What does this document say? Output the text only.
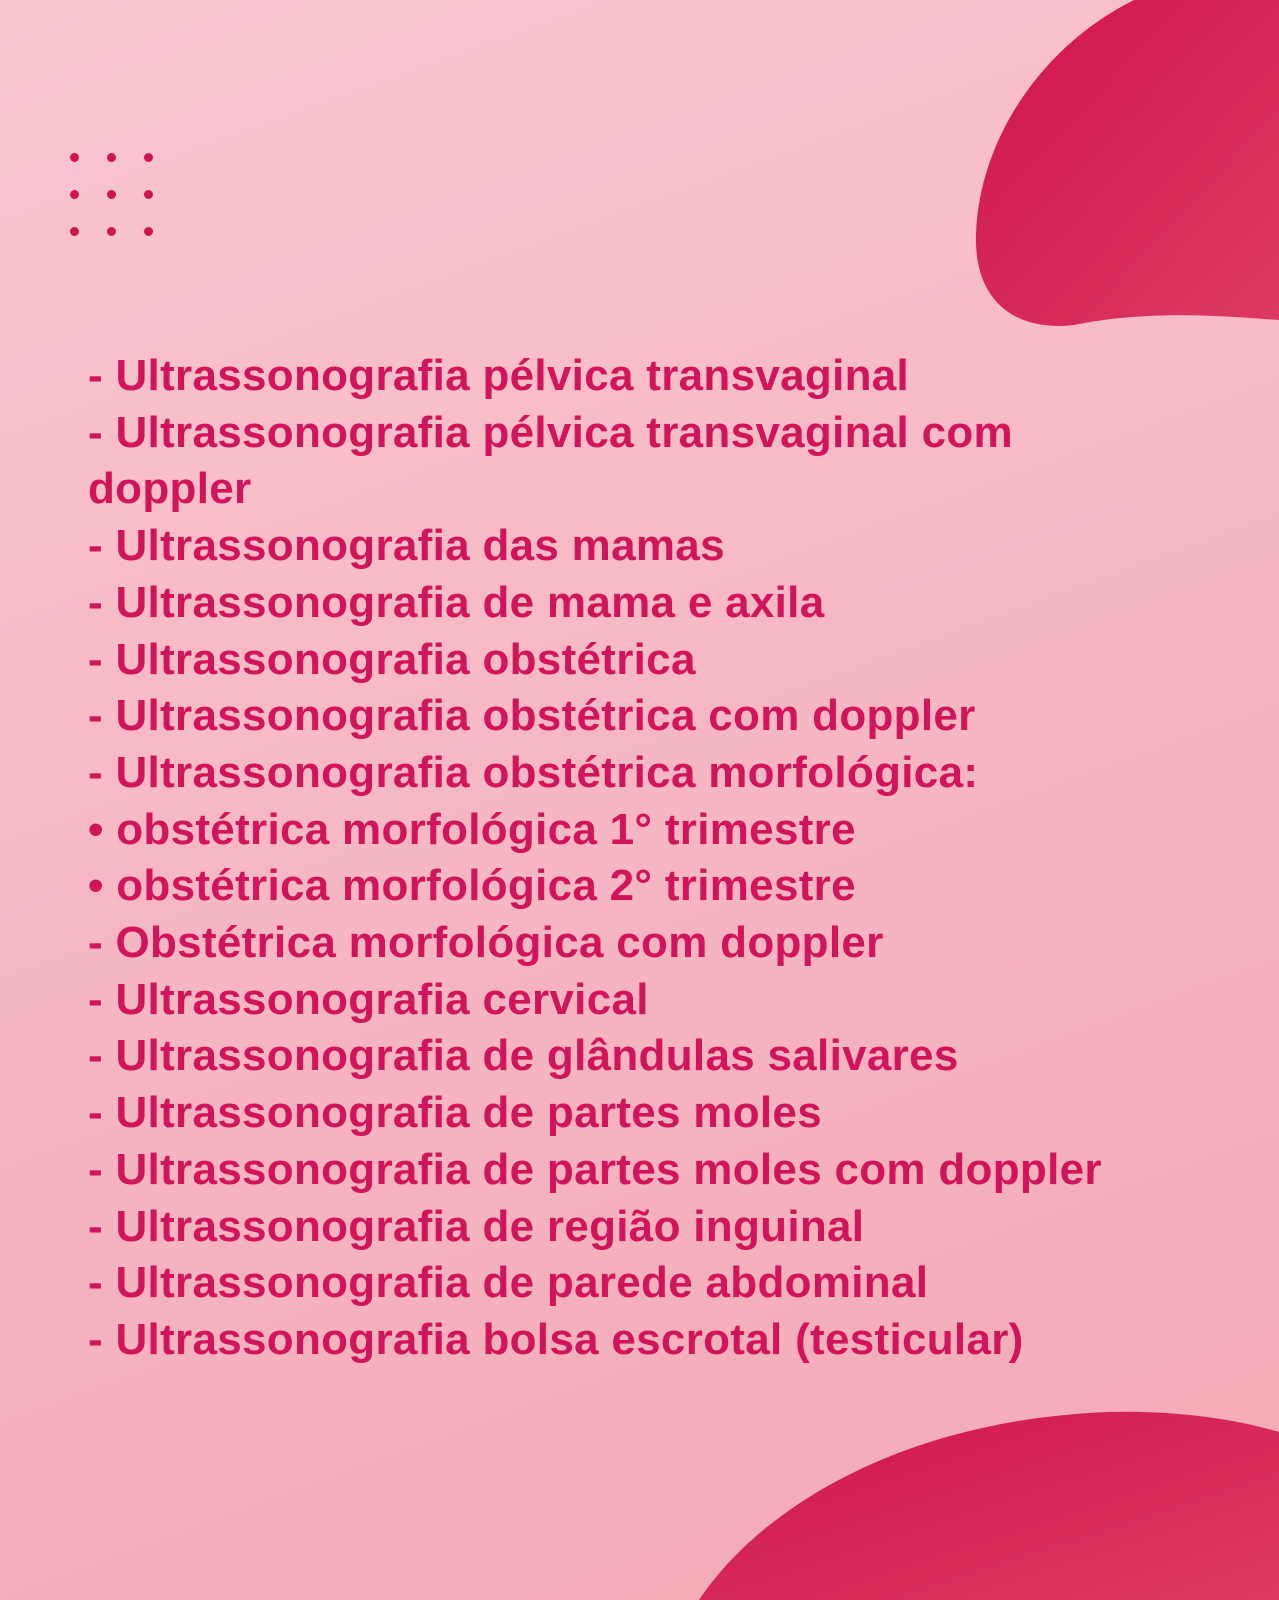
- Ultrassonografia pélvica transvaginal
- Ultrassonografia pélvica transvaginal com
doppler
- Ultrassonografia das mamas
- Ultrassonografia de mama e axila
- Ultrassonografia obstétrica
- Ultrassonografia obstétrica com doppler
- Ultrassonografia obstétrica morfológica:
• obstétrica morfológica 1° trimestre
• obstétrica morfológica 2° trimestre
- Obstétrica morfológica com doppler
- Ultrassonografia cervical
- Ultrassonografia de glândulas salivares
- Ultrassonografia de partes moles
- Ultrassonografia de partes moles com doppler
- Ultrassonografia de região inguinal
- Ultrassonografia de parede abdominal
- Ultrassonografia bolsa escrotal (testicular)
